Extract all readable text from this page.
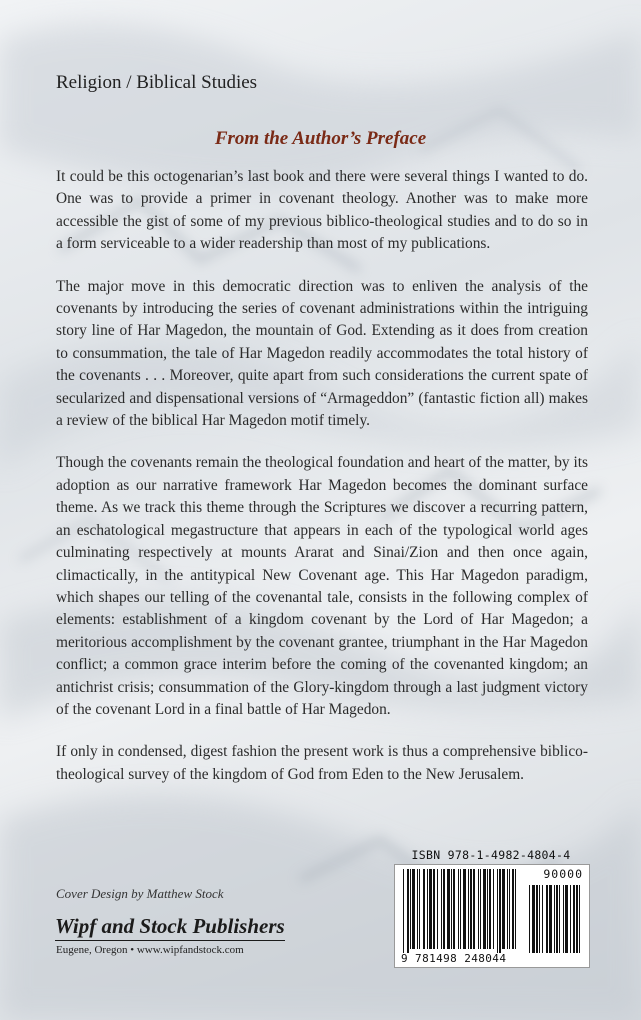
Religion / Biblical Studies
From the Author’s Preface

It could be this octogenarian’s last book and there were several things I wanted to do. One was to provide a primer in covenant theology. Another was to make more accessible the gist of some of my previous biblico-theological studies and to do so in a form serviceable to a wider readership than most of my publications.

The major move in this democratic direction was to enliven the analysis of the covenants by introducing the series of covenant administrations within the intriguing story line of Har Magedon, the mountain of God. Extending as it does from creation to consummation, the tale of Har Magedon readily accommodates the total history of the covenants . . . Moreover, quite apart from such considerations the current spate of secularized and dispensational versions of “Armageddon” (fantastic fiction all) makes a review of the biblical Har Magedon motif timely.

Though the covenants remain the theological foundation and heart of the matter, by its adoption as our narrative framework Har Magedon becomes the dominant surface theme. As we track this theme through the Scriptures we discover a recurring pattern, an eschatological megastructure that appears in each of the typological world ages culminating respectively at mounts Ararat and Sinai/Zion and then once again, climactically, in the antitypical New Covenant age. This Har Magedon paradigm, which shapes our telling of the covenantal tale, consists in the following complex of elements: establishment of a kingdom covenant by the Lord of Har Magedon; a meritorious accomplishment by the covenant grantee, triumphant in the Har Magedon conflict; a common grace interim before the coming of the covenanted kingdom; an antichrist crisis; consummation of the Glory-kingdom through a last judgment victory of the covenant Lord in a final battle of Har Magedon.

If only in condensed, digest fashion the present work is thus a comprehensive biblico-theological survey of the kingdom of God from Eden to the New Jerusalem.

Cover Design by Matthew Stock
Wipf and Stock Publishers
Eugene, Oregon • www.wipfandstock.com
ISBN 978-1-4982-4804-4
90000
9 781498 248044
